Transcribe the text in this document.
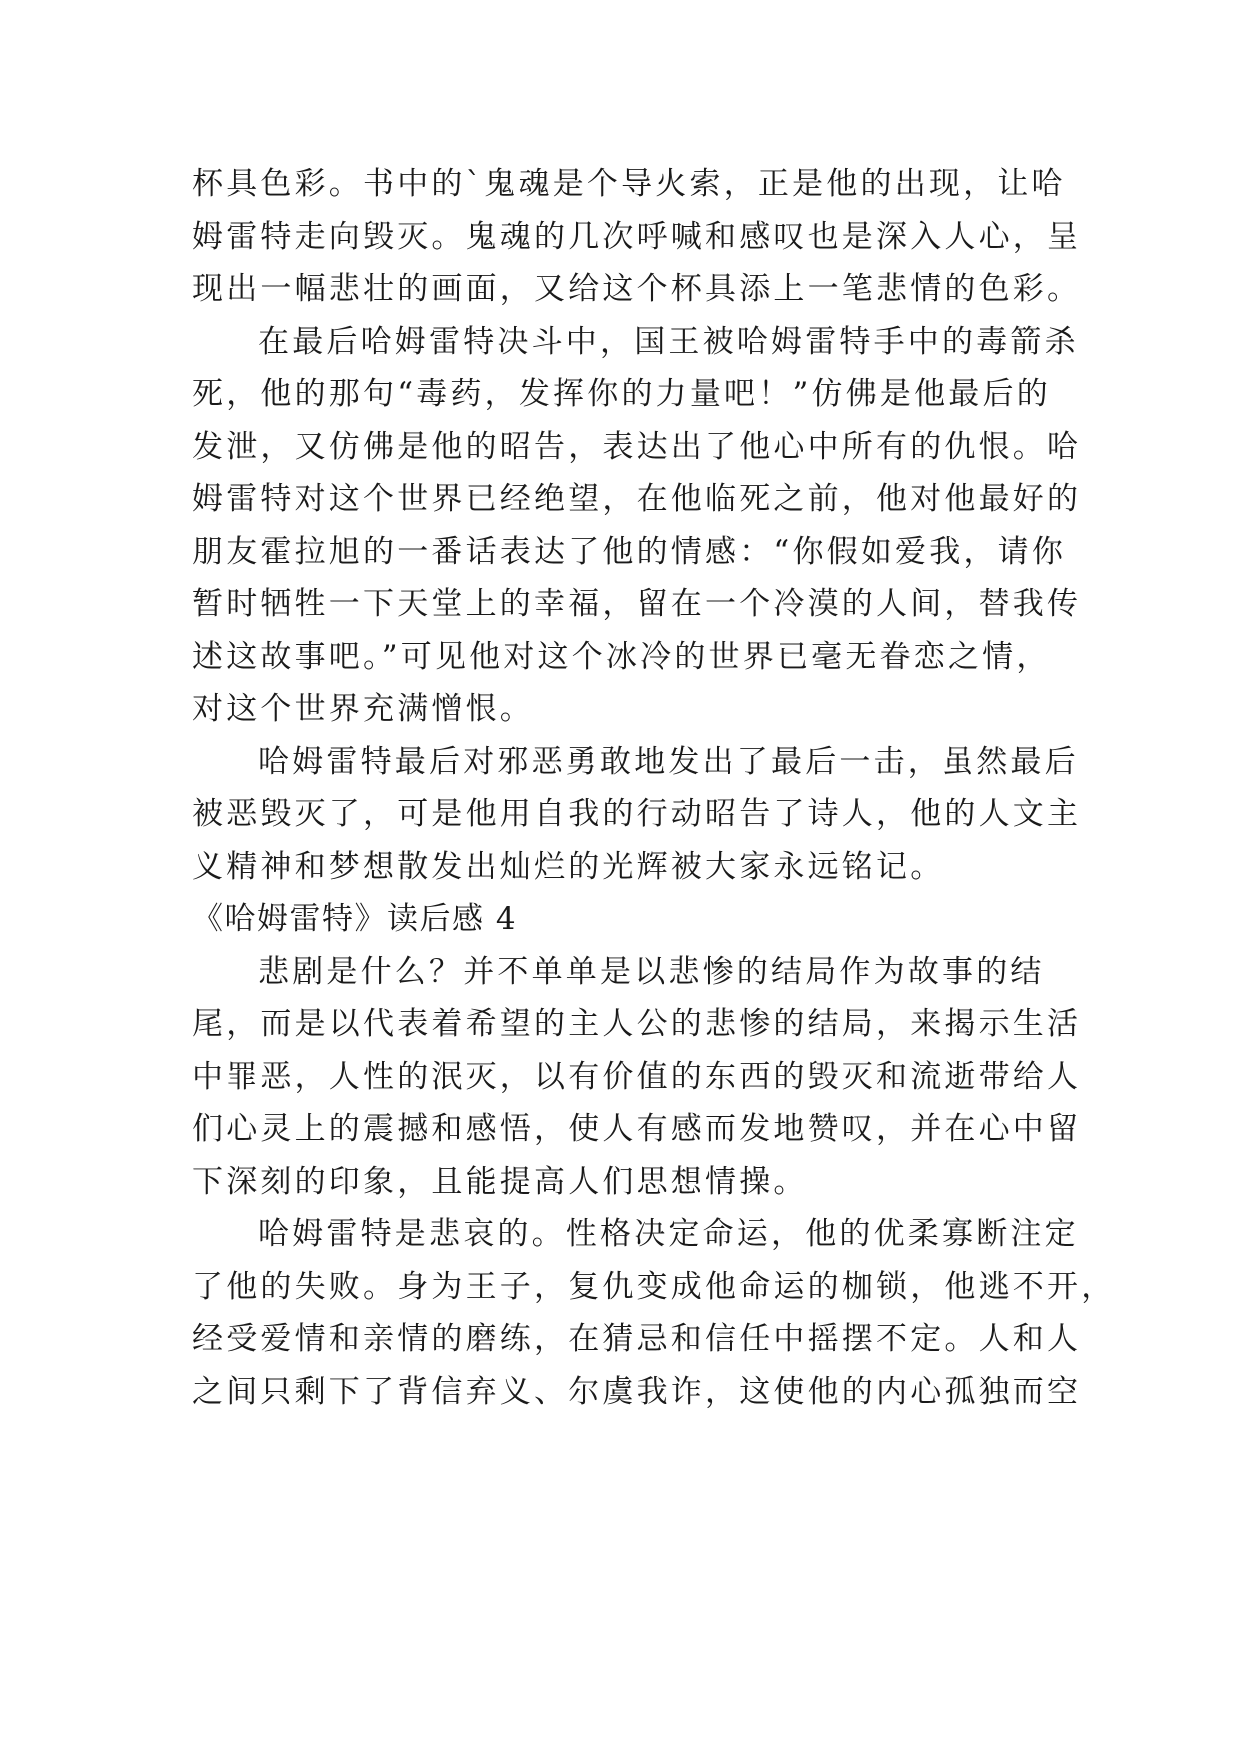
杯具色彩。书中的`鬼魂是个导火索，正是他的出现，让哈
姆雷特走向毁灭。鬼魂的几次呼喊和感叹也是深入人心，呈
现出一幅悲壮的画面，又给这个杯具添上一笔悲情的色彩。
在最后哈姆雷特决斗中，国王被哈姆雷特手中的毒箭杀
死，他的那句“毒药，发挥你的力量吧！”仿佛是他最后的
发泄，又仿佛是他的昭告，表达出了他心中所有的仇恨。哈
姆雷特对这个世界已经绝望，在他临死之前，他对他最好的
朋友霍拉旭的一番话表达了他的情感：“你假如爱我，请你
暂时牺牲一下天堂上的幸福，留在一个冷漠的人间，替我传
述这故事吧。”可见他对这个冰冷的世界已毫无眷恋之情，
对这个世界充满憎恨。
哈姆雷特最后对邪恶勇敢地发出了最后一击，虽然最后
被恶毁灭了，可是他用自我的行动昭告了诗人，他的人文主
义精神和梦想散发出灿烂的光辉被大家永远铭记。
《哈姆雷特》读后感 4
悲剧是什么？并不单单是以悲惨的结局作为故事的结
尾，而是以代表着希望的主人公的悲惨的结局，来揭示生活
中罪恶，人性的泯灭，以有价值的东西的毁灭和流逝带给人
们心灵上的震撼和感悟，使人有感而发地赞叹，并在心中留
下深刻的印象，且能提高人们思想情操。
哈姆雷特是悲哀的。性格决定命运，他的优柔寡断注定
了他的失败。身为王子，复仇变成他命运的枷锁，他逃不开，
经受爱情和亲情的磨练，在猜忌和信任中摇摆不定。人和人
之间只剩下了背信弃义、尔虞我诈，这使他的内心孤独而空
